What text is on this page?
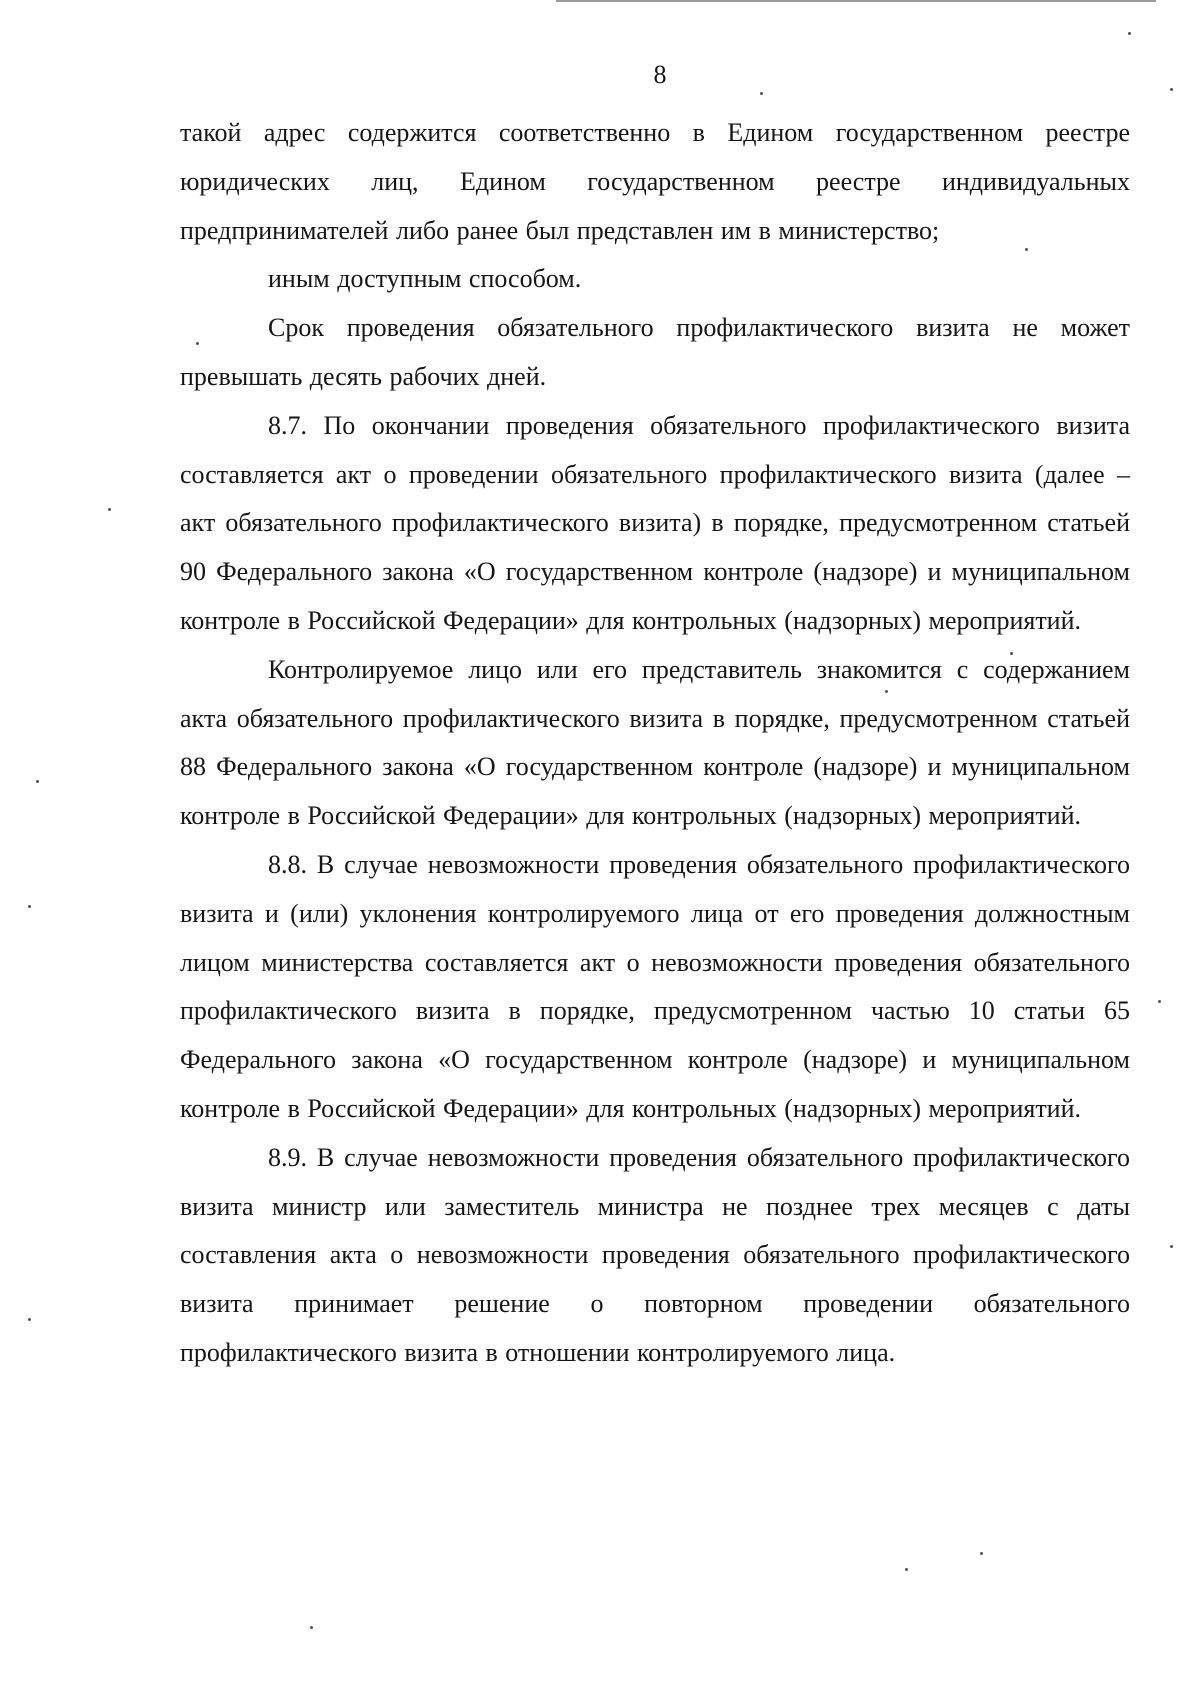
8

такой адрес содержится соответственно в Едином государственном реестре юридических лиц, Едином государственном реестре индивидуальных предпринимателей либо ранее был представлен им в министерство;

иным доступным способом.

Срок проведения обязательного профилактического визита не может превышать десять рабочих дней.

8.7. По окончании проведения обязательного профилактического визита составляется акт о проведении обязательного профилактического визита (далее – акт обязательного профилактического визита) в порядке, предусмотренном статьей 90 Федерального закона «О государственном контроле (надзоре) и муниципальном контроле в Российской Федерации» для контрольных (надзорных) мероприятий.

Контролируемое лицо или его представитель знакомится с содержанием акта обязательного профилактического визита в порядке, предусмотренном статьей 88 Федерального закона «О государственном контроле (надзоре) и муниципальном контроле в Российской Федерации» для контрольных (надзорных) мероприятий.

8.8. В случае невозможности проведения обязательного профилактического визита и (или) уклонения контролируемого лица от его проведения должностным лицом министерства составляется акт о невозможности проведения обязательного профилактического визита в порядке, предусмотренном частью 10 статьи 65 Федерального закона «О государственном контроле (надзоре) и муниципальном контроле в Российской Федерации» для контрольных (надзорных) мероприятий.

8.9. В случае невозможности проведения обязательного профилактического визита министр или заместитель министра не позднее трех месяцев с даты составления акта о невозможности проведения обязательного профилактического визита принимает решение о повторном проведении обязательного профилактического визита в отношении контролируемого лица.
